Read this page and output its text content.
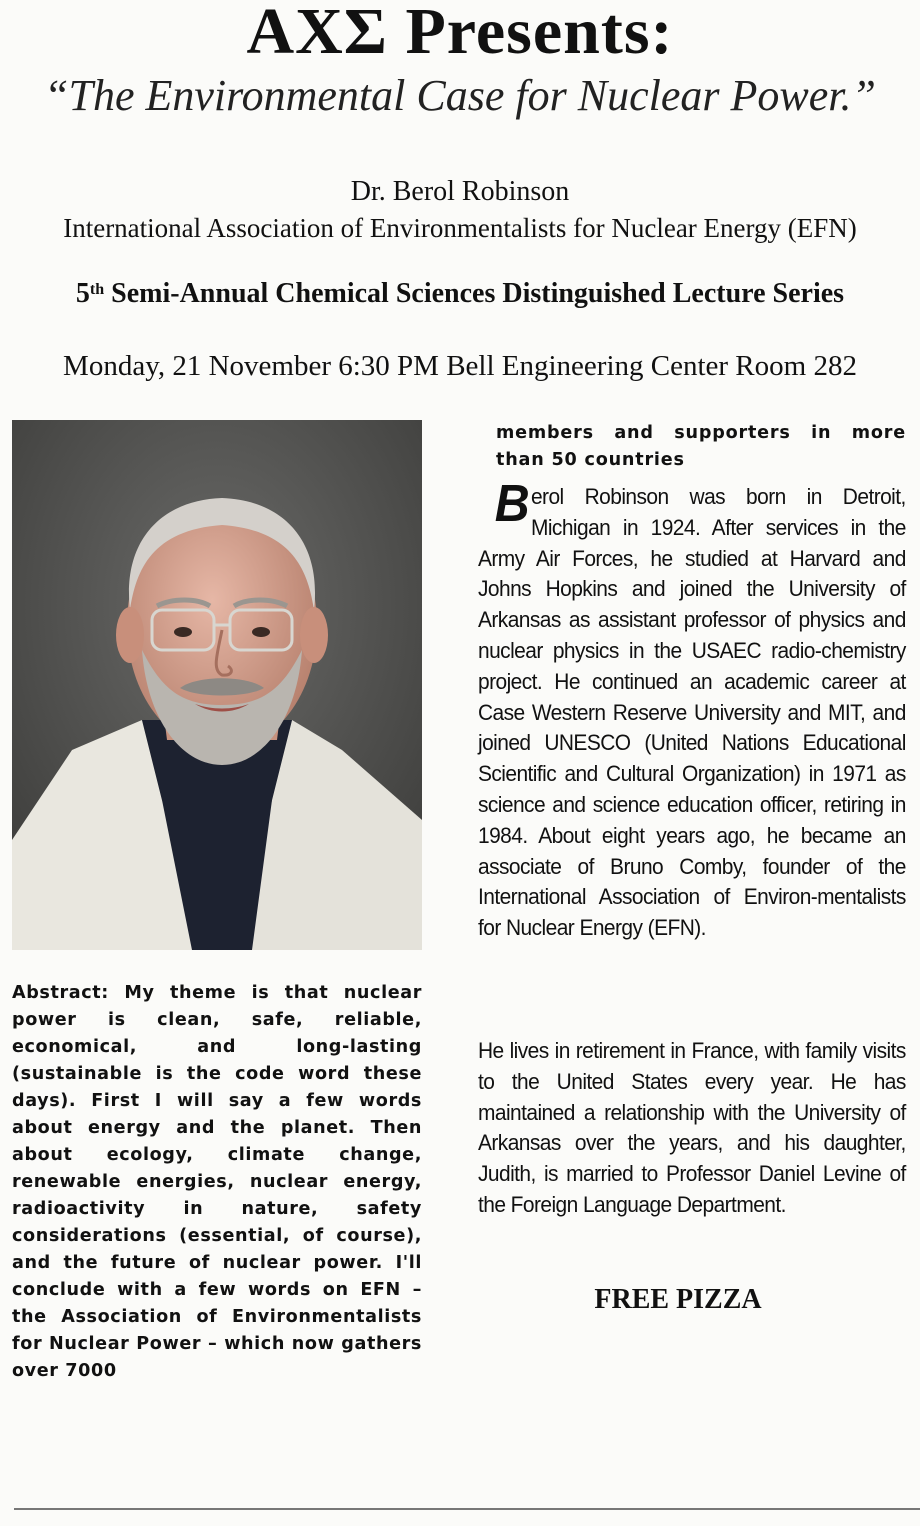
ΑΧΣ Presents:
“The Environmental Case for Nuclear Power.”
Dr. Berol Robinson
International Association of Environmentalists for Nuclear Energy (EFN)
5th Semi-Annual Chemical Sciences Distinguished Lecture Series
Monday, 21 November 6:30 PM Bell Engineering Center Room 282
Abstract: My theme is that nuclear power is clean, safe, reliable, economical, and long-lasting (sustainable is the code word these days). First I will say a few words about energy and the planet. Then about ecology, climate change, renewable energies, nuclear energy, radioactivity in nature, safety considerations (essential, of course), and the future of nuclear power. I'll conclude with a few words on EFN – the Association of Environmentalists for Nuclear Power – which now gathers over 7000
members and supporters in more than 50 countries
Berol Robinson was born in Detroit, Michigan in 1924. After services in the Army Air Forces, he studied at Harvard and Johns Hopkins and joined the University of Arkansas as assistant professor of physics and nuclear physics in the USAEC radio-chemistry project. He continued an academic career at Case Western Reserve University and MIT, and joined UNESCO (United Nations Educational Scientific and Cultural Organization) in 1971 as science and science education officer, retiring in 1984. About eight years ago, he became an associate of Bruno Comby, founder of the International Association of Environ-mentalists for Nuclear Energy (EFN).
He lives in retirement in France, with family visits to the United States every year. He has maintained a relationship with the University of Arkansas over the years, and his daughter, Judith, is married to Professor Daniel Levine of the Foreign Language Department.
FREE PIZZA
